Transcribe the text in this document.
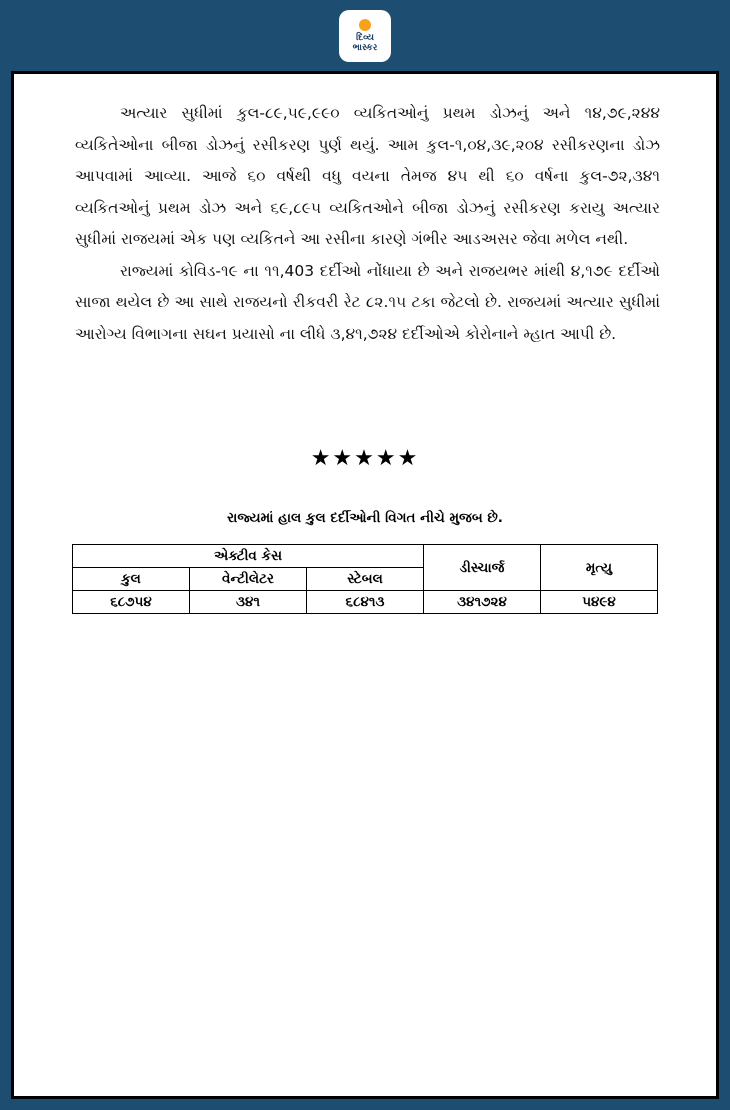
દિવ્ય
ભાસ્કર

અત્યાર સુધીમાં કુલ-૮૯,૫૯,૯૯૦ વ્યકિતઓનું પ્રથમ ડોઝનું અને ૧૪,૭૯,૨૪૪ વ્યકિતેઓના બીજા ડોઝનું રસીકરણ પુર્ણ થયું. આમ કુલ-૧,૦૪,૩૯,૨૦૪ રસીકરણના ડોઝ આપવામાં આવ્યા. આજે ૬૦ વર્ષથી વધુ વયના તેમજ ૪૫ થી ૬૦ વર્ષના કુલ-૭૨,૩૪૧ વ્યકિતઓનું પ્રથમ ડોઝ અને ૬૯,૮૯૫ વ્યકિતઓને બીજા ડોઝનું રસીકરણ કરાયુ અત્યાર સુધીમાં રાજયમાં એક પણ વ્યકિતને આ રસીના કારણે ગંભીર આડઅસર જેવા મળેલ નથી.

રાજ્યમાં કોવિડ-૧૯ ના ૧૧,403 દર્દીઓ નોંધાયા છે અને રાજયભર માંથી ૪,૧૭૯ દર્દીઓ સાજા થયેલ છે આ સાથે રાજયનો રીકવરી રેટ ૮૨.૧૫ ટકા જેટલો છે. રાજયમાં અત્યાર સુધીમાં આરોગ્ય વિભાગના સઘન પ્રયાસો ના લીધે ૩,૪૧,૭૨૪ દર્દીઓએ કોરોનાને મ્હાત આપી છે.

★★★★★
રાજ્યમાં હાલ કુલ દર્દીઓની વિગત નીચે મુજબ છે.
એક્ટીવ કેસ			ડીસ્ચાર્જ	મૃત્યુ
કુલ	વેન્ટીલેટર	સ્ટેબલ		
૬૮૭૫૪	૩૪૧	૬૮૪૧૩	૩૪૧૭૨૪	૫૪૯૪
